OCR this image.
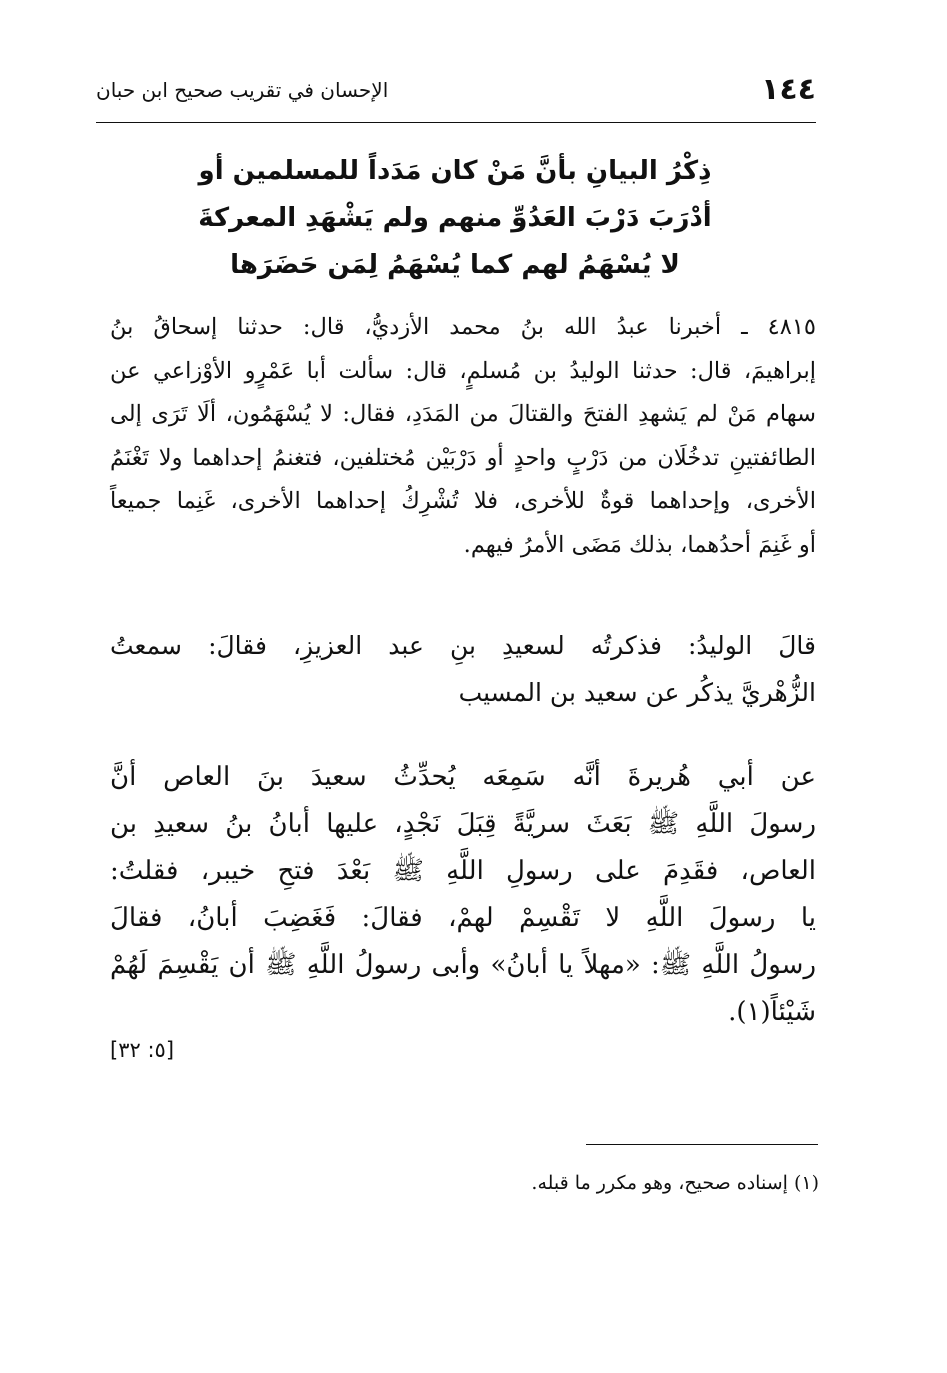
١٤٤
الإحسان في تقريب صحيح ابن حبان
ذِكْرُ البيانِ بأنَّ مَنْ كان مَدَداً للمسلمين أو
أدْرَبَ دَرْبَ العَدُوِّ منهم ولم يَشْهَدِ المعركةَ
لا يُسْهَمُ لهم كما يُسْهَمُ لِمَن حَضَرَها
٤٨١٥ ـ أخبرنا عبدُ الله بنُ محمد الأزديُّ، قال: حدثنا إسحاقُ بنُ
إبراهيمَ، قال: حدثنا الوليدُ بن مُسلمٍ، قال: سألت أبا عَمْرٍو الأوْزاعي عن
سهام مَنْ لم يَشهدِ الفتحَ والقتالَ من المَدَدِ، فقال: لا يُسْهَمُون، ألَا تَرَى إلى
الطائفتينِ تدخُلَان من دَرْبٍ واحدٍ أو دَرْبَيْن مُختلفين، فتغنمُ إحداهما ولا تَغْنَمُ
الأخرى، وإحداهما قوةٌ للأخرى، فلا تُشْرِكُ إحداهما الأخرى، غَنِما جميعاً
أو غَنِمَ أحدُهما، بذلك مَضَى الأمرُ فيهم.
قالَ الوليدُ: فذكرتُه لسعيدِ بنِ عبد العزيزِ، فقالَ: سمعتُ
الزُّهْريَّ يذكُر عن سعيد بن المسيب
عن أبي هُريرةَ أنَّه سَمِعَه يُحدِّثُ سعيدَ بنَ العاص أنَّ
رسولَ اللَّهِ ﷺ بَعَثَ سريَّةً قِبَلَ نَجْدٍ، عليها أبانُ بنُ سعيدِ بن
العاص، فقَدِمَ على رسولِ اللَّهِ ﷺ بَعْدَ فتحِ خيبر، فقلتُ:
يا رسولَ اللَّهِ لا تَقْسِمْ لهمْ، فقالَ: فَغَضِبَ أبانُ، فقالَ
رسولُ اللَّهِ ﷺ: «مهلاً يا أبانُ» وأبى رسولُ اللَّهِ ﷺ أن يَقْسِمَ لَهُمْ
شَيْئاً(١).
[٥: ٣٢]
(١) إسناده صحيح، وهو مكرر ما قبله.
